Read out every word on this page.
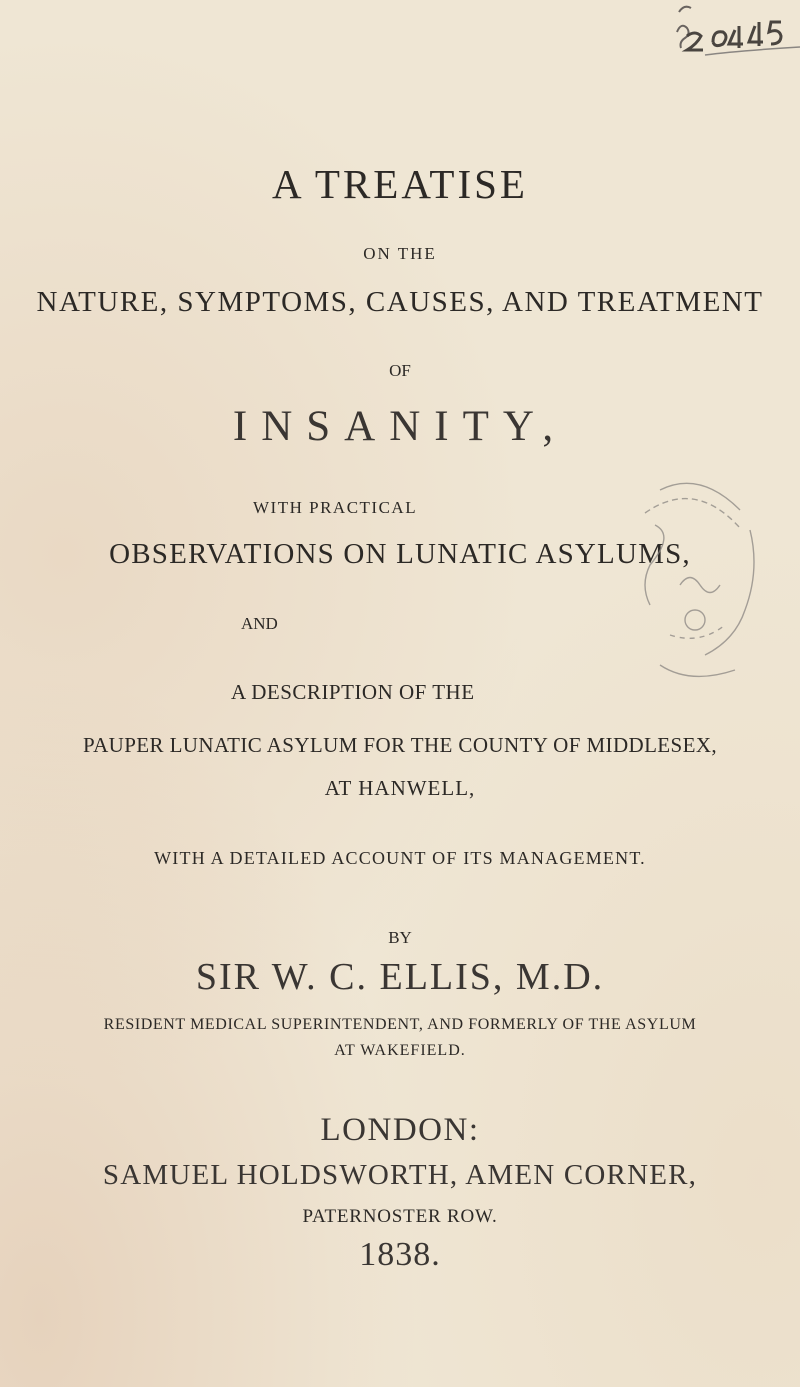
A TREATISE
ON THE
NATURE, SYMPTOMS, CAUSES, AND TREATMENT
OF
INSANITY,
WITH PRACTICAL
OBSERVATIONS ON LUNATIC ASYLUMS,
AND
A DESCRIPTION OF THE
PAUPER LUNATIC ASYLUM FOR THE COUNTY OF MIDDLESEX,
AT HANWELL,
WITH A DETAILED ACCOUNT OF ITS MANAGEMENT.
BY
SIR W. C. ELLIS, M.D.
RESIDENT MEDICAL SUPERINTENDENT, AND FORMERLY OF THE ASYLUM
AT WAKEFIELD.
LONDON:
SAMUEL HOLDSWORTH, AMEN CORNER,
PATERNOSTER ROW.
1838.
